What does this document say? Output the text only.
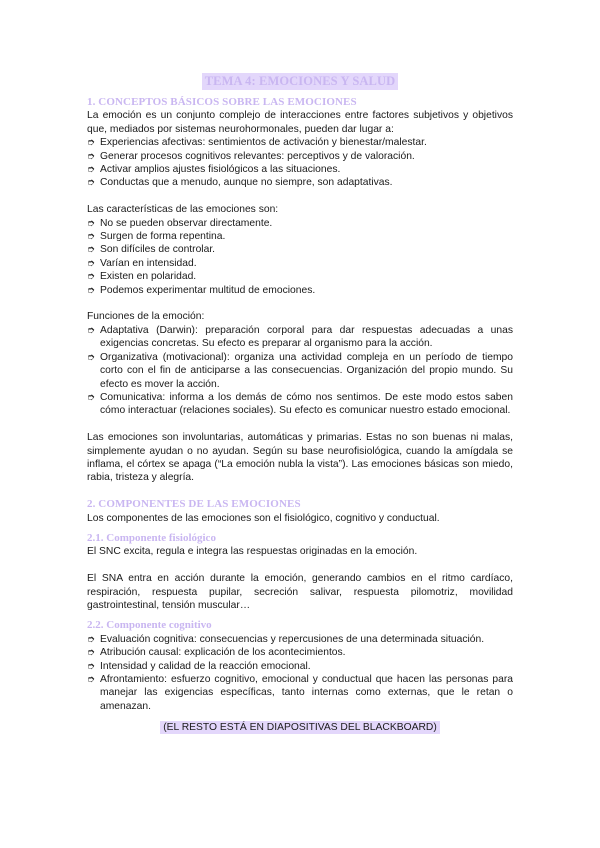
TEMA 4: EMOCIONES Y SALUD
1. CONCEPTOS BÁSICOS SOBRE LAS EMOCIONES

La emoción es un conjunto complejo de interacciones entre factores subjetivos y objetivos que, mediados por sistemas neurohormonales, pueden dar lugar a:

➮ Experiencias afectivas: sentimientos de activación y bienestar/malestar.
➮ Generar procesos cognitivos relevantes: perceptivos y de valoración.
➮ Activar amplios ajustes fisiológicos a las situaciones.
➮ Conductas que a menudo, aunque no siempre, son adaptativas.

Las características de las emociones son:

➮ No se pueden observar directamente.
➮ Surgen de forma repentina.
➮ Son difíciles de controlar.
➮ Varían en intensidad.
➮ Existen en polaridad.
➮ Podemos experimentar multitud de emociones.

Funciones de la emoción:

➮ Adaptativa (Darwin): preparación corporal para dar respuestas adecuadas a unas exigencias concretas. Su efecto es preparar al organismo para la acción.
➮ Organizativa (motivacional): organiza una actividad compleja en un período de tiempo corto con el fin de anticiparse a las consecuencias. Organización del propio mundo. Su efecto es mover la acción.
➮ Comunicativa: informa a los demás de cómo nos sentimos. De este modo estos saben cómo interactuar (relaciones sociales). Su efecto es comunicar nuestro estado emocional.

Las emociones son involuntarias, automáticas y primarias. Estas no son buenas ni malas, simplemente ayudan o no ayudan. Según su base neurofisiológica, cuando la amígdala se inflama, el córtex se apaga (“La emoción nubla la vista”). Las emociones básicas son miedo, rabia, tristeza y alegría.

2. COMPONENTES DE LAS EMOCIONES

Los componentes de las emociones son el fisiológico, cognitivo y conductual.

2.1. Componente fisiológico

El SNC excita, regula e integra las respuestas originadas en la emoción.

El SNA entra en acción durante la emoción, generando cambios en el ritmo cardíaco, respiración, respuesta pupilar, secreción salivar, respuesta pilomotriz, movilidad gastrointestinal, tensión muscular…

2.2. Componente cognitivo
➮ Evaluación cognitiva: consecuencias y repercusiones de una determinada situación.
➮ Atribución causal: explicación de los acontecimientos.
➮ Intensidad y calidad de la reacción emocional.
➮ Afrontamiento: esfuerzo cognitivo, emocional y conductual que hacen las personas para manejar las exigencias específicas, tanto internas como externas, que le retan o amenazan.
(EL RESTO ESTÁ EN DIAPOSITIVAS DEL BLACKBOARD)
